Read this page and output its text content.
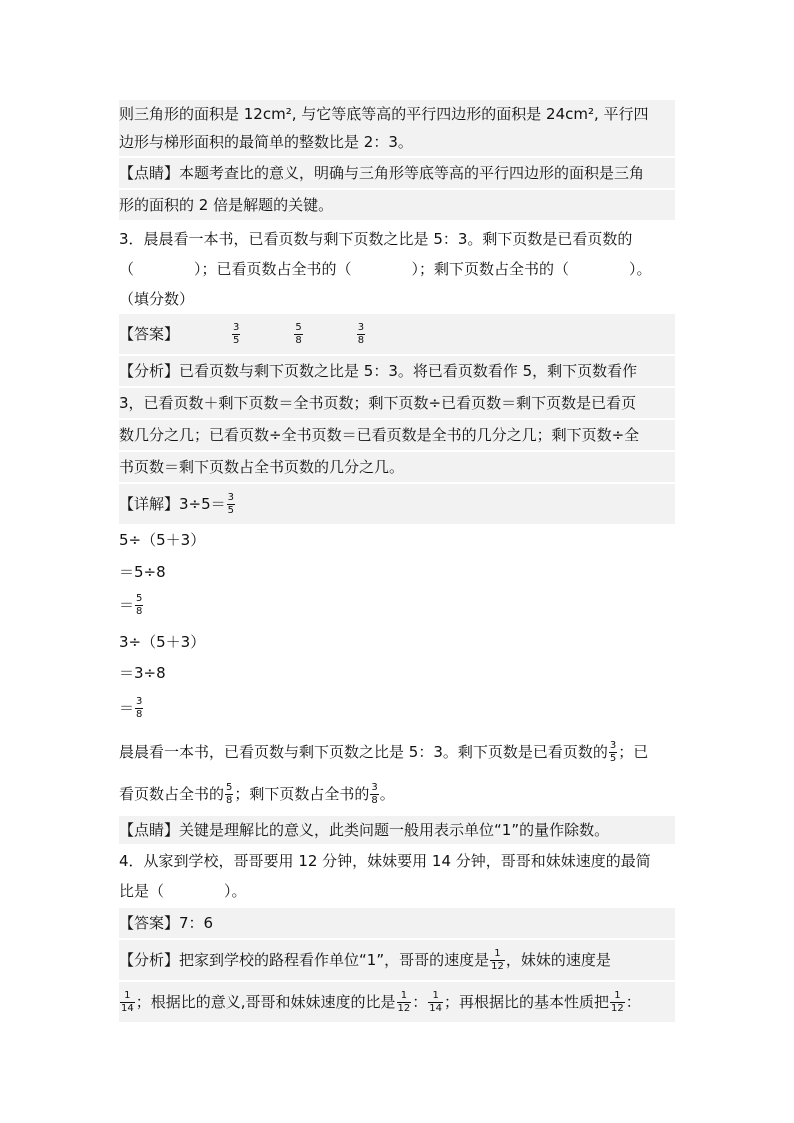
则三角形的面积是 12cm², 与它等底等高的平行四边形的面积是 24cm², 平行四
边形与梯形面积的最简单的整数比是 2：3。
【点睛】本题考查比的意义，明确与三角形等底等高的平行四边形的面积是三角
形的面积的 2 倍是解题的关键。
3．晨晨看一本书，已看页数与剩下页数之比是 5：3。剩下页数是已看页数的
（	）；已看页数占全书的（	）；剩下页数占全书的（	）。
（填分数）
【答案】	$\frac{3}{5}$	$\frac{5}{8}$	$\frac{3}{8}$
【分析】已看页数与剩下页数之比是 5：3。将已看页数看作 5，剩下页数看作
3，已看页数＋剩下页数＝全书页数；剩下页数÷已看页数＝剩下页数是已看页
数几分之几；已看页数÷全书页数＝已看页数是全书的几分之几；剩下页数÷全
书页数＝剩下页数占全书页数的几分之几。
【详解】$3\div 5= \frac{3}{5}$
5÷（5＋3）
＝5÷8
＝ $\frac{5}{8}$
3÷（5＋3）
＝3÷8
＝ $\frac{3}{8}$
晨晨看一本书，已看页数与剩下页数之比是 5：3。剩下页数是已看页数的 $\frac{3}{5}$ ；已
看页数占全书的 $\frac{5}{8}$ ；剩下页数占全书的 $\frac{3}{8}$ 。
【点睛】关键是理解比的意义，此类问题一般用表示单位“1”的量作除数。
4．从家到学校，哥哥要用 12 分钟，妹妹要用 14 分钟，哥哥和妹妹速度的最简
比是（	）。
【答案】7：6
【分析】把家到学校的路程看作单位“1”，哥哥的速度是 $\frac{1}{12}$ ，妹妹的速度是
$\frac{1}{14}$ ；根据比的意义,哥哥和妹妹速度的比是 $\frac{1}{12}$ ： $\frac{1}{14}$ ；再根据比的基本性质把 $\frac{1}{12}$ ：
